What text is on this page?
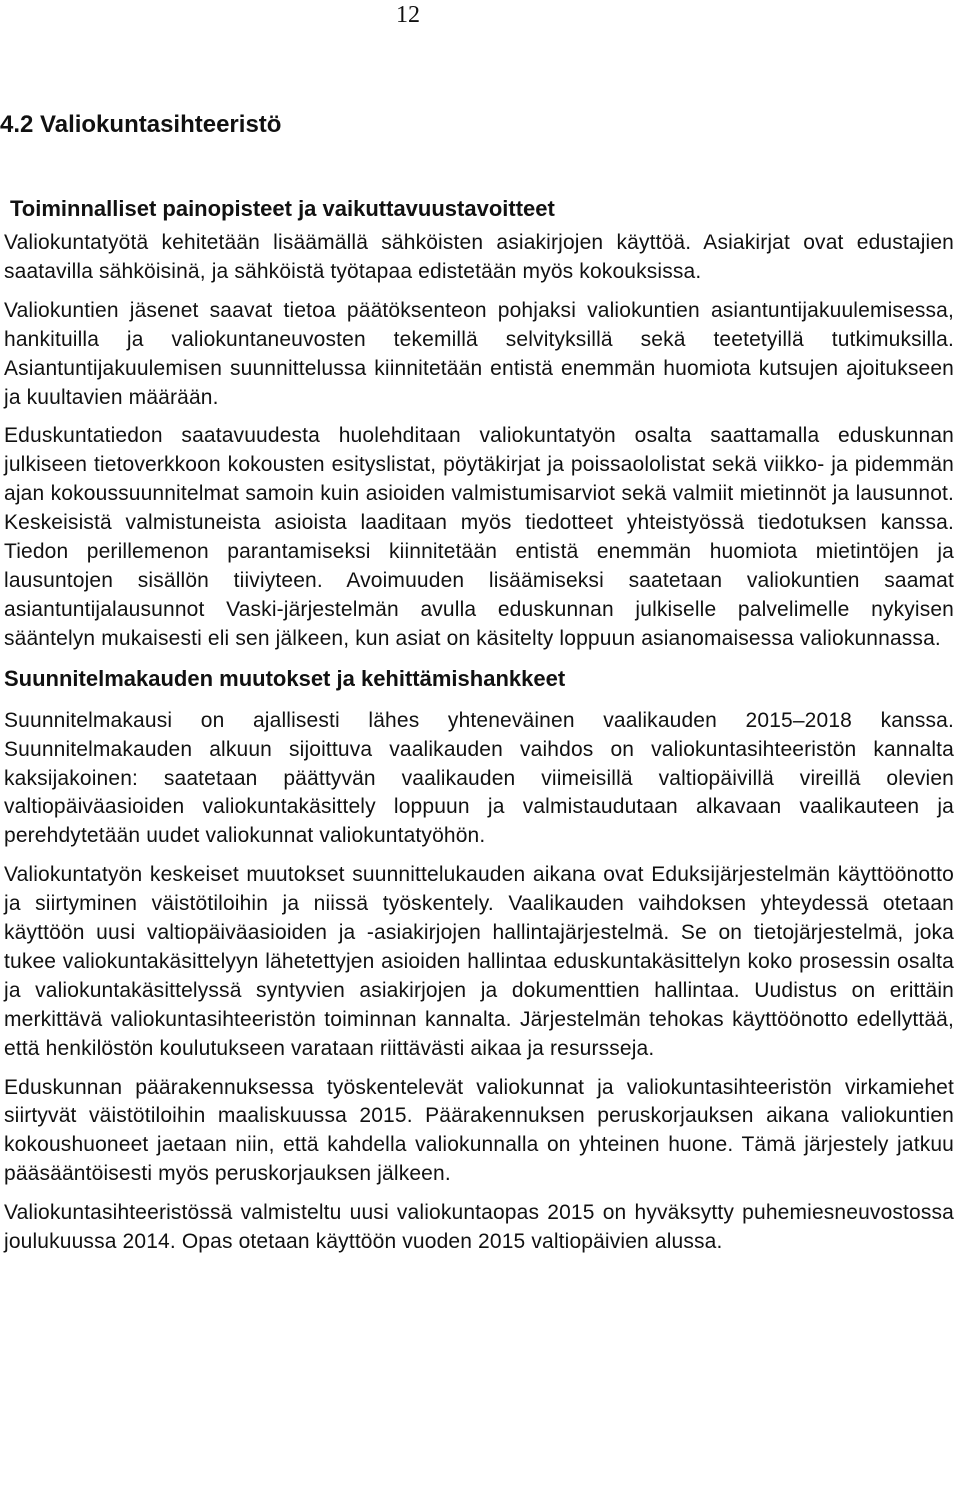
12
4.2 Valiokuntasihteeristö
Toiminnalliset painopisteet ja vaikuttavuustavoitteet

Valiokuntatyötä kehitetään lisäämällä sähköisten asiakirjojen käyttöä. Asiakirjat ovat edustajien saatavilla sähköisinä, ja sähköistä työtapaa edistetään myös kokouksissa.

Valiokuntien jäsenet saavat tietoa päätöksenteon pohjaksi valiokuntien asiantuntijakuulemisessa, hankituilla ja valiokuntaneuvosten tekemillä selvityksillä sekä teetetyillä tutkimuksilla. Asiantuntijakuulemisen suunnittelussa kiinnitetään entistä enemmän huomiota kutsujen ajoitukseen ja kuultavien määrään.

Eduskuntatiedon saatavuudesta huolehditaan valiokuntatyön osalta saattamalla eduskunnan julkiseen tietoverkkoon kokousten esityslistat, pöytäkirjat ja poissaololistat sekä viikko- ja pidemmän ajan kokoussuunnitelmat samoin kuin asioiden valmistumisarviot sekä valmiit mietinnöt ja lausunnot. Keskeisistä valmistuneista asioista laaditaan myös tiedotteet yhteistyössä tiedotuksen kanssa. Tiedon perillemenon parantamiseksi kiinnitetään entistä enemmän huomiota mietintöjen ja lausuntojen sisällön tiiviyteen. Avoimuuden lisäämiseksi saatetaan valiokuntien saamat asiantuntijalausunnot Vaski-järjestelmän avulla eduskunnan julkiselle palvelimelle nykyisen sääntelyn mukaisesti eli sen jälkeen, kun asiat on käsitelty loppuun asianomaisessa valiokunnassa.

Suunnitelmakauden muutokset ja kehittämishankkeet

Suunnitelmakausi on ajallisesti lähes yhteneväinen vaalikauden 2015–2018 kanssa. Suunnitelmakauden alkuun sijoittuva vaalikauden vaihdos on valiokuntasihteeristön kannalta kaksijakoinen: saatetaan päättyvän vaalikauden viimeisillä valtiopäivillä vireillä olevien valtiopäiväasioiden valiokuntakäsittely loppuun ja valmistaudutaan alkavaan vaalikauteen ja perehdytetään uudet valiokunnat valiokuntatyöhön.

Valiokuntatyön keskeiset muutokset suunnittelukauden aikana ovat Eduksijärjestelmän käyttöönotto ja siirtyminen väistötiloihin ja niissä työskentely. Vaalikauden vaihdoksen yhteydessä otetaan käyttöön uusi valtiopäiväasioiden ja -asiakirjojen hallintajärjestelmä. Se on tietojärjestelmä, joka tukee valiokuntakäsittelyyn lähetettyjen asioiden hallintaa eduskuntakäsittelyn koko prosessin osalta ja valiokuntakäsittelyssä syntyvien asiakirjojen ja dokumenttien hallintaa. Uudistus on erittäin merkittävä valiokuntasihteeristön toiminnan kannalta. Järjestelmän tehokas käyttöönotto edellyttää, että henkilöstön koulutukseen varataan riittävästi aikaa ja resursseja.

Eduskunnan päärakennuksessa työskentelevät valiokunnat ja valiokuntasihteeristön virkamiehet siirtyvät väistötiloihin maaliskuussa 2015. Päärakennuksen peruskorjauksen aikana valiokuntien kokoushuoneet jaetaan niin, että kahdella valiokunnalla on yhteinen huone. Tämä järjestely jatkuu pääsääntöisesti myös peruskorjauksen jälkeen.

Valiokuntasihteeristössä valmisteltu uusi valiokuntaopas 2015 on hyväksytty puhemiesneuvostossa joulukuussa 2014. Opas otetaan käyttöön vuoden 2015 valtiopäivien alussa.
